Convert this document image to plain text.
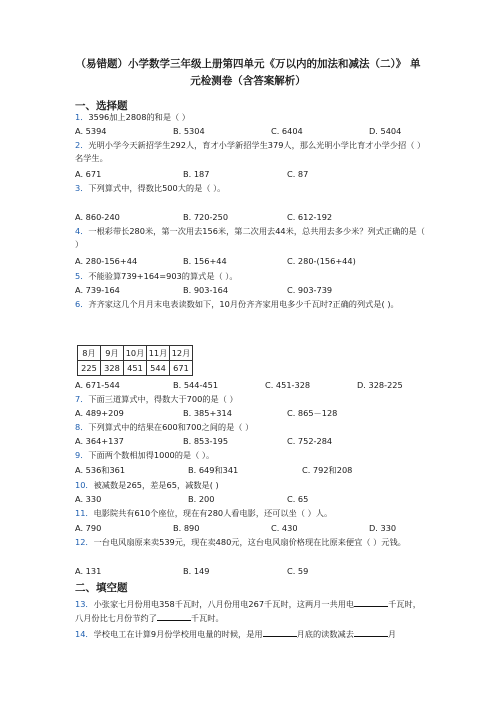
（易错题）小学数学三年级上册第四单元《万以内的加法和减法（二）》 单
元检测卷（含答案解析）
一、选择题
1．3596加上2808的和是（ ）
A. 5394	B. 5304	C. 6404	D. 5404
2．光明小学今天新招学生292人，育才小学新招学生379人，那么光明小学比育才小学少招（ ）名学生。
A. 671	B. 187	C. 87
3．下列算式中，得数比500大的是（ ）。
A. 860-240	B. 720-250	C. 612-192
4．一根彩带长280米，第一次用去156米，第二次用去44米，总共用去多少米？列式正确的是（ ）
A. 280-156+44	B. 156+44	C. 280-(156+44)
5．不能验算739+164=903的算式是（ ）。
A. 739-164	B. 903-164	C. 903-739
6．齐齐家这几个月月末电表读数如下，10月份齐齐家用电多少千瓦时?正确的列式是( )。
8月	9月	10月	11月	12月
225	328	451	544	671
A. 671-544	B. 544-451	C. 451-328	D. 328-225
7．下面三道算式中，得数大于700的是（ ）
A. 489+209	B. 385+314	C. 865－128
8．下列算式中的结果在600和700之间的是（ ）
A. 364+137	B. 853-195	C. 752-284
9．下面两个数相加得1000的是（ ）。
A. 536和361	B. 649和341	C. 792和208
10．被减数是265，差是65，减数是( )
A. 330	B. 200	C. 65
11．电影院共有610个座位，现在有280人看电影，还可以坐（ ）人。
A. 790	B. 890	C. 430	D. 330
12．一台电风扇原来卖539元，现在卖480元，这台电风扇价格现在比原来便宜（ ）元钱。
A. 131	B. 149	C. 59
二、填空题
13．小张家七月份用电358千瓦时，八月份用电267千瓦时，这两月一共用电	千瓦时，八月份比七月份节约了	千瓦时。
14．学校电工在计算9月份学校用电量的时候，是用	月底的读数减去	月
